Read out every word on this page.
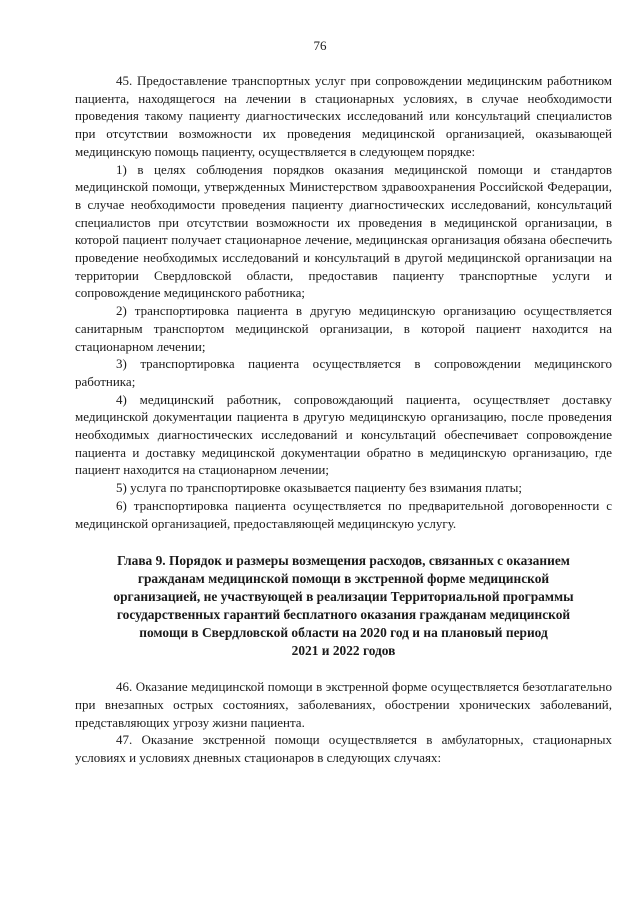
76

45. Предоставление транспортных услуг при сопровождении медицинским работником пациента, находящегося на лечении в стационарных условиях, в случае необходимости проведения такому пациенту диагностических исследований или консультаций специалистов при отсутствии возможности их проведения медицинской организацией, оказывающей медицинскую помощь пациенту, осуществляется в следующем порядке:

1) в целях соблюдения порядков оказания медицинской помощи и стандартов медицинской помощи, утвержденных Министерством здравоохранения Российской Федерации, в случае необходимости проведения пациенту диагностических исследований, консультаций специалистов при отсутствии возможности их проведения в медицинской организации, в которой пациент получает стационарное лечение, медицинская организация обязана обеспечить проведение необходимых исследований и консультаций в другой медицинской организации на территории Свердловской области, предоставив пациенту транспортные услуги и сопровождение медицинского работника;

2) транспортировка пациента в другую медицинскую организацию осуществляется санитарным транспортом медицинской организации, в которой пациент находится на стационарном лечении;

3) транспортировка пациента осуществляется в сопровождении медицинского работника;

4) медицинский работник, сопровождающий пациента, осуществляет доставку медицинской документации пациента в другую медицинскую организацию, после проведения необходимых диагностических исследований и консультаций обеспечивает сопровождение пациента и доставку медицинской документации обратно в медицинскую организацию, где пациент находится на стационарном лечении;

5) услуга по транспортировке оказывается пациенту без взимания платы;

6) транспортировка пациента осуществляется по предварительной договоренности с медицинской организацией, предоставляющей медицинскую услугу.

Глава 9. Порядок и размеры возмещения расходов, связанных с оказанием
гражданам медицинской помощи в экстренной форме медицинской
организацией, не участвующей в реализации Территориальной программы
государственных гарантий бесплатного оказания гражданам медицинской
помощи в Свердловской области на 2020 год и на плановый период
2021 и 2022 годов

46. Оказание медицинской помощи в экстренной форме осуществляется безотлагательно при внезапных острых состояниях, заболеваниях, обострении хронических заболеваний, представляющих угрозу жизни пациента.

47. Оказание экстренной помощи осуществляется в амбулаторных, стационарных условиях и условиях дневных стационаров в следующих случаях:
